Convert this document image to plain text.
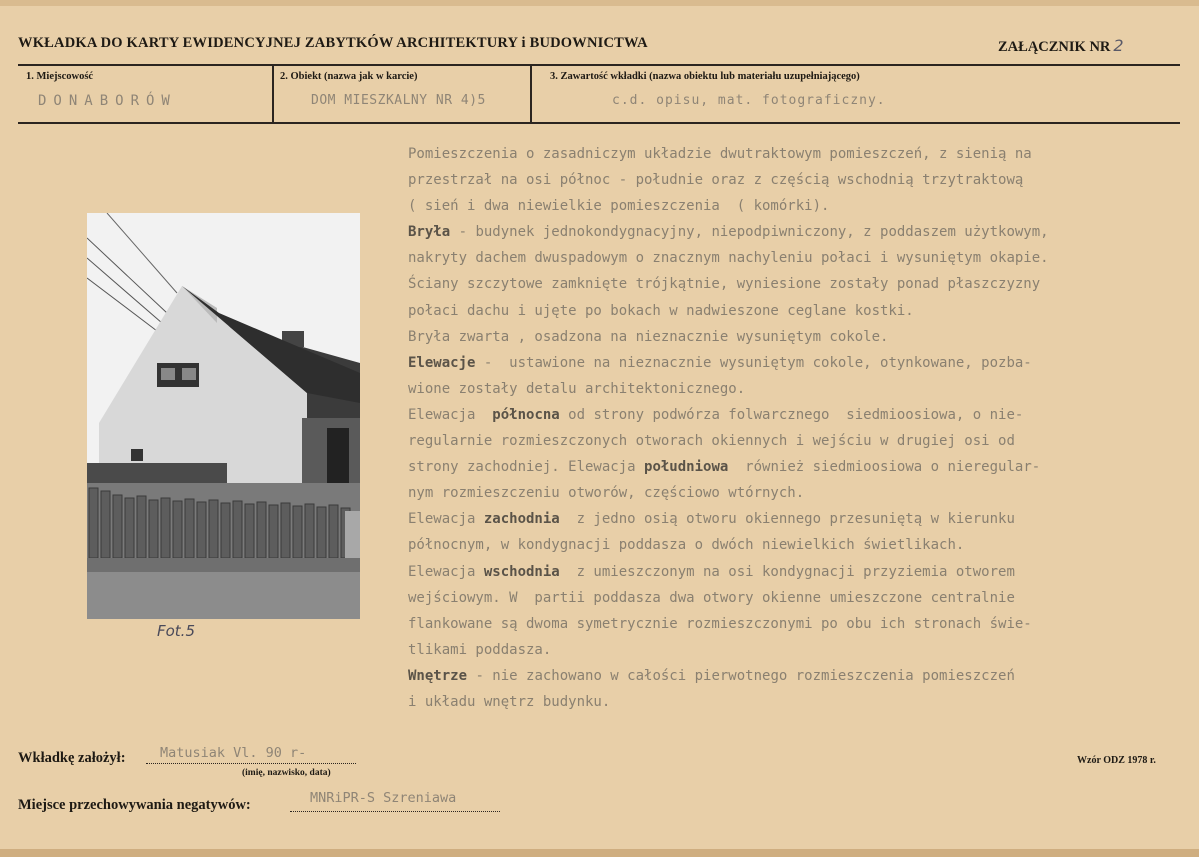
WKŁADKA DO KARTY EWIDENCYJNEJ ZABYTKÓW ARCHITEKTURY i BUDOWNICTWA	ZAŁĄCZNIK NR 2
1. Miejscowość
DONABORÓW
2. Obiekt (nazwa jak w karcie)
DOM MIESZKALNY NR 4)5
3. Zawartość wkładki (nazwa obiektu lub materiału uzupełniającego)
c.d. opisu, mat. fotograficzny.
Fot.5
Pomieszczenia o zasadniczym układzie dwutraktowym pomieszczeń, z sienią na
przestrzał na osi północ - południe oraz z częścią wschodnią trzytraktową
( sień i dwa niewielkie pomieszczenia  ( komórki).
Bryła - budynek jednokondygnacyjny, niepodpiwniczony, z poddaszem użytkowym,
nakryty dachem dwuspadowym o znacznym nachyleniu połaci i wysuniętym okapie.
Ściany szczytowe zamknięte trójkątnie, wyniesione zostały ponad płaszczyzny
połaci dachu i ujęte po bokach w nadwieszone ceglane kostki.
Bryła zwarta , osadzona na nieznacznie wysuniętym cokole.
Elewacje -  ustawione na nieznacznie wysuniętym cokole, otynkowane, pozba-
wione zostały detalu architektonicznego.
Elewacja  północna od strony podwórza folwarcznego  siedmioosiowa, o nie-
regularnie rozmieszczonych otworach okiennych i wejściu w drugiej osi od
strony zachodniej. Elewacja południowa  również siedmioosiowa o nieregular-
nym rozmieszczeniu otworów, częściowo wtórnych.
Elewacja zachodnia  z jedno osią otworu okiennego przesuniętą w kierunku
północnym, w kondygnacji poddasza o dwóch niewielkich świetlikach.
Elewacja wschodnia  z umieszczonym na osi kondygnacji przyziemia otworem
wejściowym. W  partii poddasza dwa otwory okienne umieszczone centralnie
flankowane są dwoma symetrycznie rozmieszczonymi po obu ich stronach świe-
tlikami poddasza.
Wnętrze - nie zachowano w całości pierwotnego rozmieszczenia pomieszczeń
i układu wnętrz budynku.
Wkładkę założył:	Matusiak Vl. 90 r-
(imię, nazwisko, data)
Wzór ODZ 1978 r.
Miejsce przechowywania negatywów:	MNRiPR-S Szreniawa
